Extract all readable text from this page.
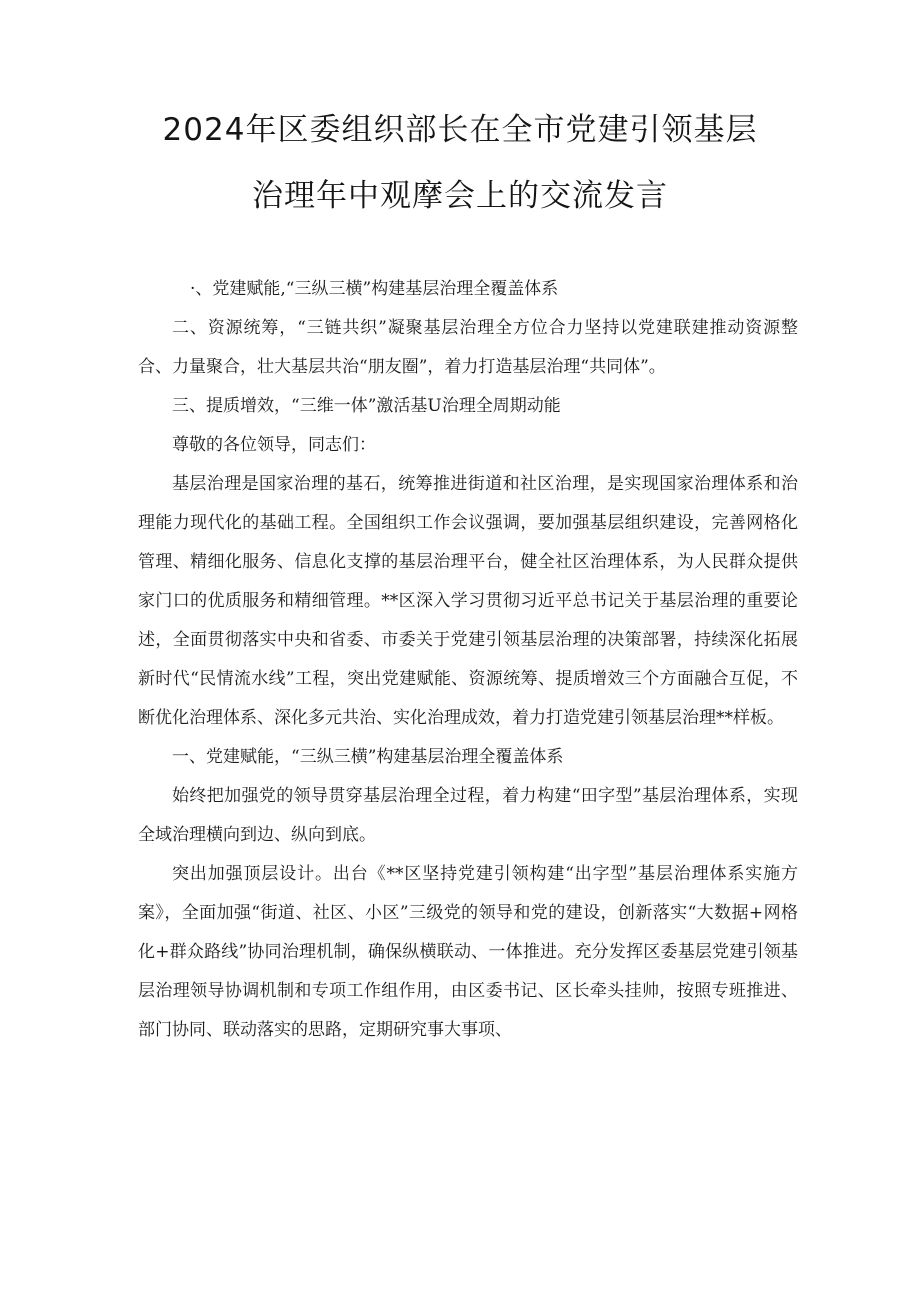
2024年区委组织部长在全市党建引领基层
治理年中观摩会上的交流发言

·、党建赋能,“三纵三横”构建基层治理全覆盖体系

二、资源统筹，“三链共织”凝聚基层治理全方位合力坚持以党建联建推动资源整合、力量聚合，壮大基层共治“朋友圈”，着力打造基层治理“共同体”。

三、提质增效，“三维一体”激活基U治理全周期动能

尊敬的各位领导，同志们：

基层治理是国家治理的基石，统筹推进街道和社区治理，是实现国家治理体系和治理能力现代化的基础工程。全国组织工作会议强调，要加强基层组织建设，完善网格化管理、精细化服务、信息化支撑的基层治理平台，健全社区治理体系，为人民群众提供家门口的优质服务和精细管理。**区深入学习贯彻习近平总书记关于基层治理的重要论述，全面贯彻落实中央和省委、市委关于党建引领基层治理的决策部署，持续深化拓展新时代“民情流水线”工程，突出党建赋能、资源统筹、提质增效三个方面融合互促，不断优化治理体系、深化多元共治、实化治理成效，着力打造党建引领基层治理**样板。

一、党建赋能，“三纵三横”构建基层治理全覆盖体系

始终把加强党的领导贯穿基层治理全过程，着力构建“田字型”基层治理体系，实现全域治理横向到边、纵向到底。

突出加强顶层设计。出台《**区坚持党建引领构建“出字型”基层治理体系实施方案》，全面加强“街道、社区、小区”三级党的领导和党的建设，创新落实“大数据+网格化+群众路线”协同治理机制，确保纵横联动、一体推进。充分发挥区委基层党建引领基层治理领导协调机制和专项工作组作用，由区委书记、区长牵头挂帅，按照专班推进、部门协同、联动落实的思路，定期研究事大事项、
